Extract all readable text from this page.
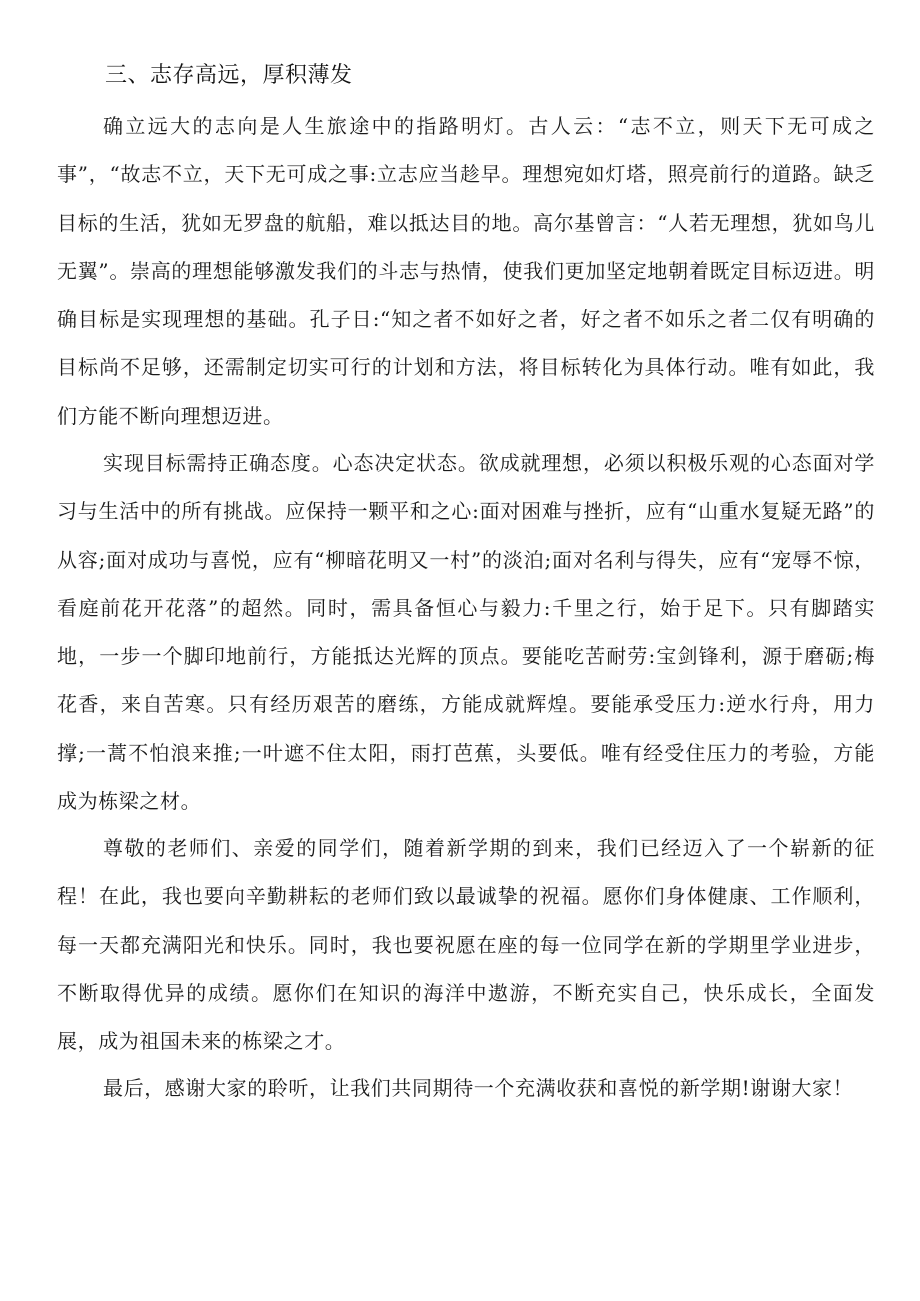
三、志存高远，厚积薄发

确立远大的志向是人生旅途中的指路明灯。古人云：“志不立，则天下无可成之事”，“故志不立，天下无可成之事:立志应当趁早。理想宛如灯塔，照亮前行的道路。缺乏目标的生活，犹如无罗盘的航船，难以抵达目的地。高尔基曾言：“人若无理想，犹如鸟儿无翼”。崇高的理想能够激发我们的斗志与热情，使我们更加坚定地朝着既定目标迈进。明确目标是实现理想的基础。孔子日:“知之者不如好之者，好之者不如乐之者二仅有明确的目标尚不足够，还需制定切实可行的计划和方法，将目标转化为具体行动。唯有如此，我们方能不断向理想迈进。

实现目标需持正确态度。心态决定状态。欲成就理想，必须以积极乐观的心态面对学习与生活中的所有挑战。应保持一颗平和之心:面对困难与挫折，应有“山重水复疑无路”的从容;面对成功与喜悦，应有“柳暗花明又一村”的淡泊;面对名利与得失，应有“宠辱不惊，看庭前花开花落”的超然。同时，需具备恒心与毅力:千里之行，始于足下。只有脚踏实地，一步一个脚印地前行，方能抵达光辉的顶点。要能吃苦耐劳:宝剑锋利，源于磨砺;梅花香，来自苦寒。只有经历艰苦的磨练，方能成就辉煌。要能承受压力:逆水行舟，用力撑;一蒿不怕浪来推;一叶遮不住太阳，雨打芭蕉，头要低。唯有经受住压力的考验，方能成为栋梁之材。

尊敬的老师们、亲爱的同学们，随着新学期的到来，我们已经迈入了一个崭新的征程！在此，我也要向辛勤耕耘的老师们致以最诚挚的祝福。愿你们身体健康、工作顺利，每一天都充满阳光和快乐。同时，我也要祝愿在座的每一位同学在新的学期里学业进步，不断取得优异的成绩。愿你们在知识的海洋中遨游，不断充实自己，快乐成长，全面发展，成为祖国未来的栋梁之才。

最后，感谢大家的聆听，让我们共同期待一个充满收获和喜悦的新学期!谢谢大家！
